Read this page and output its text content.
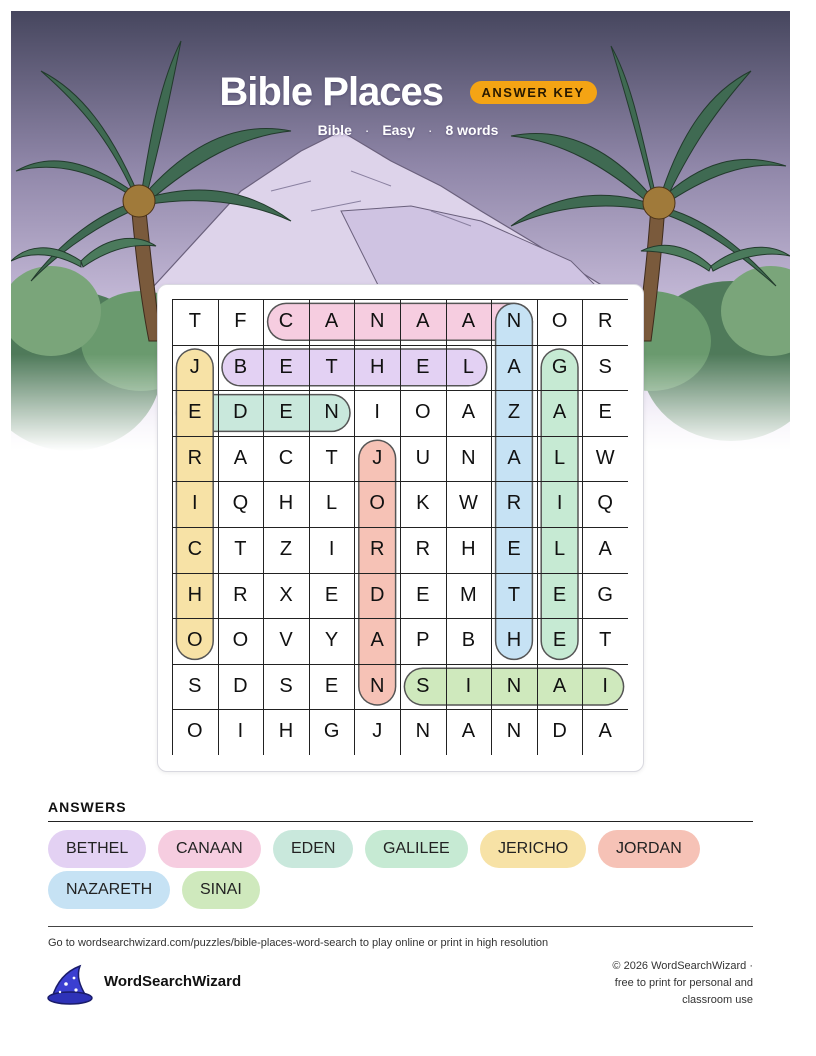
Bible Places	ANSWER KEY
Bible · Easy · 8 words
T	F	C	A	N	A	A	N	O	R
J	B	E	T	H	E	L	A	G	S
E	D	E	N	I	O	A	Z	A	E
R	A	C	T	J	U	N	A	L	W
I	Q	H	L	O	K	W	R	I	Q
C	T	Z	I	R	R	H	E	L	A
H	R	X	E	D	E	M	T	E	G
O	O	V	Y	A	P	B	H	E	T
S	D	S	E	N	S	I	N	A	I
O	I	H	G	J	N	A	N	D	A
ANSWERS
BETHEL	CANAAN	EDEN	GALILEE	JERICHO	JORDAN
NAZARETH	SINAI
Go to wordsearchwizard.com/puzzles/bible-places-word-search to play online or print in high resolution
WordSearchWizard
© 2026 WordSearchWizard ·
free to print for personal and
classroom use
